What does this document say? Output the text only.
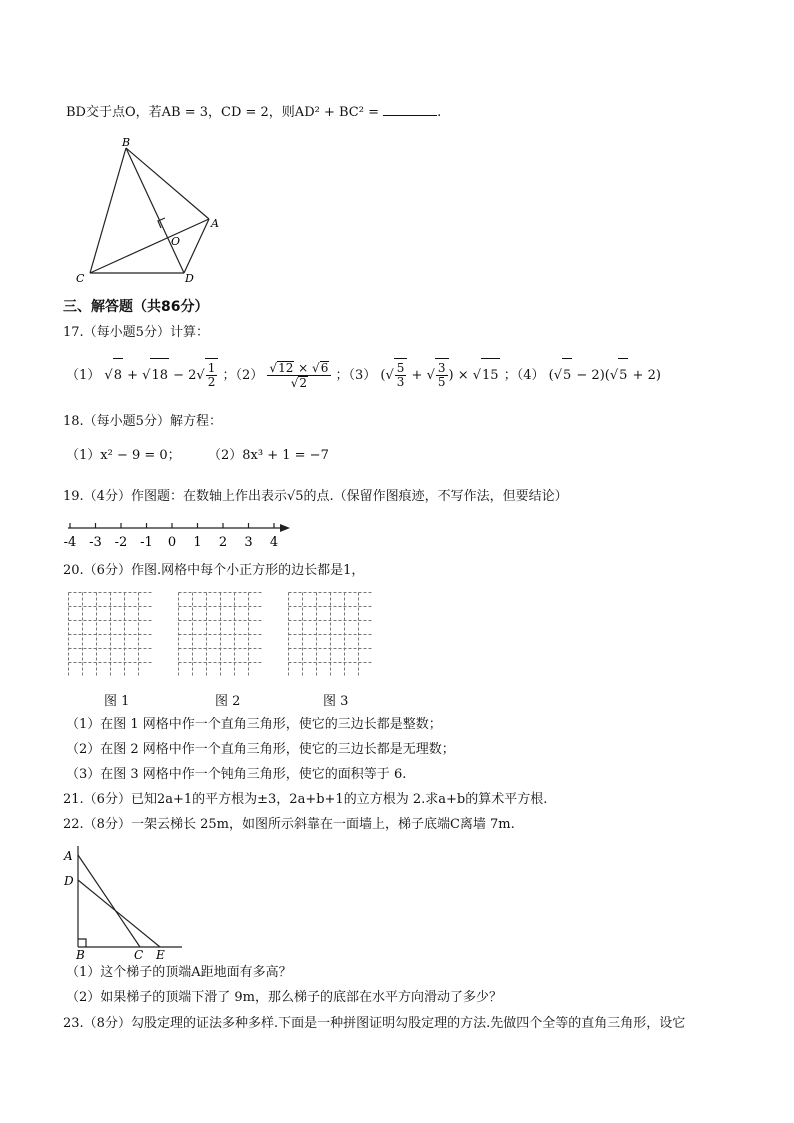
BD交于点O，若AB = 3，CD = 2，则AD² + BC² =	.
B
A
O
C	D
三、解答题（共86分）
17.（每小题5分）计算：
（1） $√8 + √18 - 2√ \frac{1}{2}$ ；$(2) \frac{√12 \times √6}{√2}$ ；（3） (√ $\frac{5}{3}$ + √ $\frac{3}{5}$ ) × √15 ；（4） (√5 − 2)(√5 + 2)
18.（每小题5分）解方程：
（1）x² − 9 = 0； （2）8x³ + 1 = −7
19.（4分）作图题：在数轴上作出表示√5的点.（保留作图痕迹，不写作法，但要结论）
-4 -3 -2 -1 0 1 2 3 4
20.（6分）作图.网格中每个小正方形的边长都是1，
图 1	图 2	图 3
（1）在图 1 网格中作一个直角三角形，使它的三边长都是整数；
（2）在图 2 网格中作一个直角三角形，使它的三边长都是无理数；
（3）在图 3 网格中作一个钝角三角形，使它的面积等于 6.
21.（6分）已知2a+1的平方根为±3，2a+b+1的立方根为 2.求a+b的算术平方根.
22.（8分）一架云梯长 25m，如图所示斜靠在一面墙上，梯子底端C离墙 7m.
A
D
B	C E
（1）这个梯子的顶端A距地面有多高？
（2）如果梯子的顶端下滑了 9m，那么梯子的底部在水平方向滑动了多少？
23.（8分）勾股定理的证法多种多样.下面是一种拼图证明勾股定理的方法.先做四个全等的直角三角形，设它
